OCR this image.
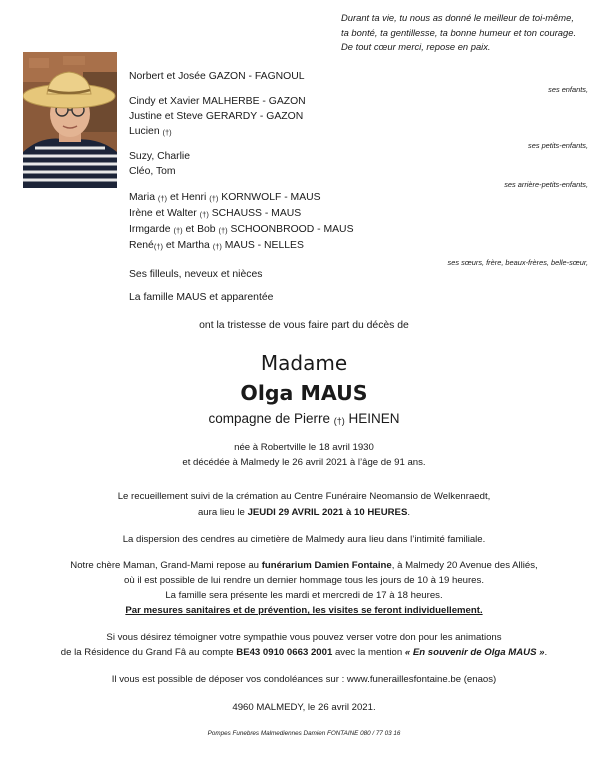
Durant ta vie, tu nous as donné le meilleur de toi-même,
ta bonté, ta gentillesse, ta bonne humeur et ton courage.
De tout cœur merci, repose en paix.
Norbert et Josée GAZON - FAGNOUL
ses enfants,
Cindy et Xavier MALHERBE - GAZON
Justine et Steve GERARDY - GAZON
Lucien (†)
ses petits-enfants,
Suzy, Charlie
Cléo, Tom
ses arrière-petits-enfants,
Maria (†) et Henri (†) KORNWOLF - MAUS
Irène et Walter (†) SCHAUSS - MAUS
Irmgarde (†) et Bob (†) SCHOONBROOD - MAUS
René(†) et Martha (†) MAUS - NELLES
ses sœurs, frère, beaux-frères, belle-sœur,
Ses filleuls, neveux et nièces
La famille MAUS et apparentée
ont la tristesse de vous faire part du décès de
Madame
Olga MAUS
compagne de Pierre (†) HEINEN
née à Robertville le 18 avril 1930
et décédée à Malmedy le 26 avril 2021 à l’âge de 91 ans.
Le recueillement suivi de la crémation au Centre Funéraire Neomansio de Welkenraedt,
aura lieu le JEUDI 29 AVRIL 2021 à 10 HEURES.
La dispersion des cendres au cimetière de Malmedy aura lieu dans l’intimité familiale.
Notre chère Maman, Grand-Mami repose au funérarium Damien Fontaine, à Malmedy 20 Avenue des Alliés,
où il est possible de lui rendre un dernier hommage tous les jours de 10 à 19 heures.
La famille sera présente les mardi et mercredi de 17 à 18 heures.
Par mesures sanitaires et de prévention, les visites se feront individuellement.
Si vous désirez témoigner votre sympathie vous pouvez verser votre don pour les animations
de la Résidence du Grand Fâ au compte BE43 0910 0663 2001 avec la mention « En souvenir de Olga MAUS ».
Il vous est possible de déposer vos condoléances sur : www.funeraillesfontaine.be (enaos)
4960 MALMEDY, le 26 avril 2021.
Pompes Funebres Malmediennes Damien FONTAINE 080 / 77 03 16
